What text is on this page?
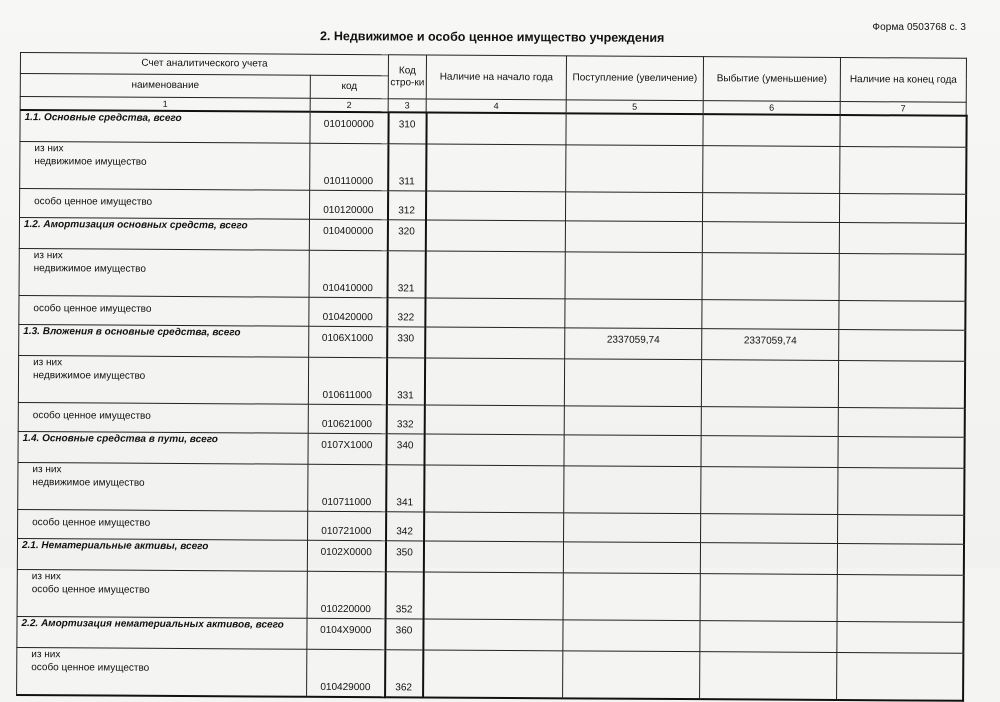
Форма 0503768 с. 3
2. Недвижимое и особо ценное имущество учреждения
Счет аналитического учета		Код стро-ки	Наличие на начало года	Поступление (увеличение)	Выбытие (уменьшение)	Наличие на конец года
наименование	код					
1	2	3	4	5	6	7
1.1. Основные средства, всего	010100000	310				

из них
недвижимое имущество	010110000	311				

особо ценное имущество	010120000	312				
1.2. Амортизация основных средств, всего	010400000	320				

из них
недвижимое имущество	010410000	321				

особо ценное имущество	010420000	322				
1.3. Вложения в основные средства, всего	0106Х1000	330		2337059,74	2337059,74	

из них
недвижимое имущество	010611000	331				

особо ценное имущество	010621000	332				
1.4. Основные средства в пути, всего	0107Х1000	340				

из них
недвижимое имущество	010711000	341				

особо ценное имущество	010721000	342				
2.1. Нематериальные активы, всего	0102Х0000	350				

из них
особо ценное имущество	010220000	352				
2.2. Амортизация нематериальных активов, всего	0104Х9000	360				

из них
особо ценное имущество	010429000	362				
